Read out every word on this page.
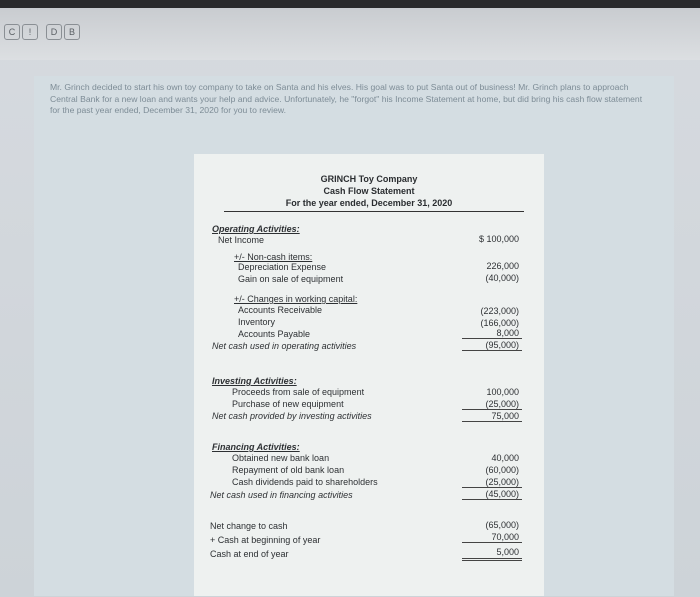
C	!	D	B
Mr. Grinch decided to start his own toy company to take on Santa and his elves. His goal was to put Santa out of business! Mr. Grinch plans to approach Central Bank for a new loan and wants your help and advice. Unfortunately, he "forgot" his Income Statement at home, but did bring his cash flow statement for the past year ended, December 31, 2020 for you to review.
GRINCH Toy Company
Cash Flow Statement
For the year ended, December 31, 2020
Operating Activities:
Net Income	$ 100,000
+/- Non-cash items:
Depreciation Expense	226,000
Gain on sale of equipment	(40,000)
+/- Changes in working capital:
Accounts Receivable	(223,000)
Inventory	(166,000)
Accounts Payable	8,000
Net cash used in operating activities	(95,000)
Investing Activities:
Proceeds from sale of equipment	100,000
Purchase of new equipment	(25,000)
Net cash provided by investing activities	75,000
Financing Activities:
Obtained new bank loan	40,000
Repayment of old bank loan	(60,000)
Cash dividends paid to shareholders	(25,000)
Net cash used in financing activities	(45,000)
Net change to cash	(65,000)
+ Cash at beginning of year	70,000
Cash at end of year	5,000
